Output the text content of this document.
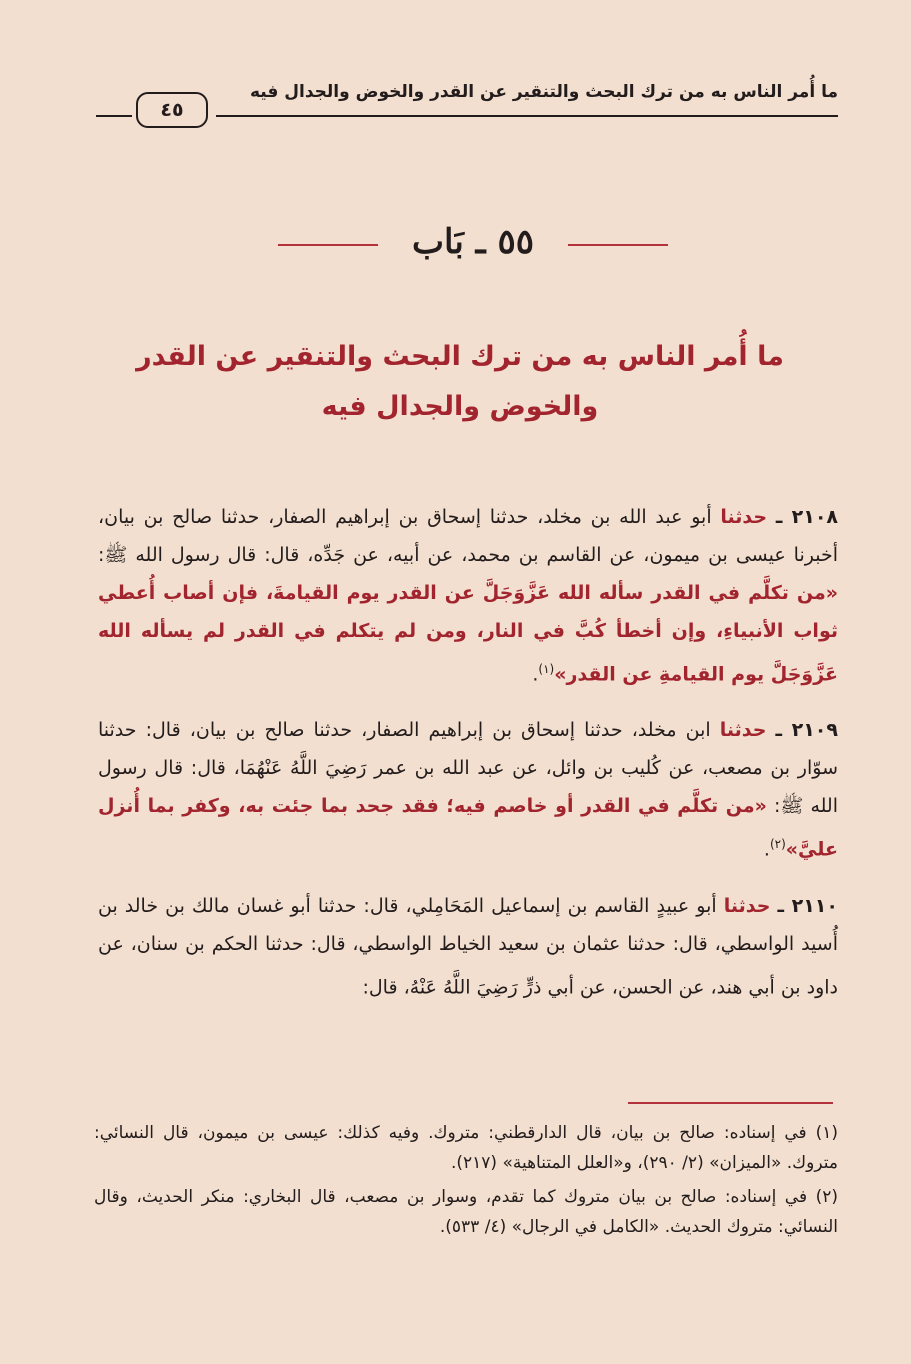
ما أُمر الناس به من ترك البحث والتنقير عن القدر والخوض والجدال فيه
٤٥
٥٥ ـ بَاب
ما أُمر الناس به من ترك البحث والتنقير عن القدر
والخوض والجدال فيه

٢١٠٨ ـ حدثنا أبو عبد الله بن مخلد، حدثنا إسحاق بن إبراهيم الصفار، حدثنا صالح بن بيان، أخبرنا عيسى بن ميمون، عن القاسم بن محمد، عن أبيه، عن جَدِّه، قال: قال رسول الله ﷺ: «من تكلَّم في القدر سأله الله عَزَّوَجَلَّ عن القدر يوم القيامةَ، فإن أصاب أُعطي ثواب الأنبياءِ، وإن أخطأ كُبَّ في النار، ومن لم يتكلم في القدر لم يسأله الله عَزَّوَجَلَّ يوم القيامةِ عن القدر»$^{(١)}$.

٢١٠٩ ـ حدثنا ابن مخلد، حدثنا إسحاق بن إبراهيم الصفار، حدثنا صالح بن بيان، قال: حدثنا سوّار بن مصعب، عن كُليب بن وائل، عن عبد الله بن عمر رَضِيَ اللَّهُ عَنْهُمَا، قال: قال رسول الله ﷺ: «من تكلَّم في القدر أو خاصم فيه؛ فقد جحد بما جئت به، وكفر بما أُنزل عليَّ»$^{(٢)}$.

٢١١٠ ـ حدثنا أبو عبيدٍ القاسم بن إسماعيل المَحَامِلي، قال: حدثنا أبو غسان مالك بن خالد بن أُسيد الواسطي، قال: حدثنا عثمان بن سعيد الخياط الواسطي، قال: حدثنا الحكم بن سنان، عن داود بن أبي هند، عن الحسن، عن أبي ذرٍّ رَضِيَ اللَّهُ عَنْهُ، قال:

(١) في إسناده: صالح بن بيان، قال الدارقطني: متروك. وفيه كذلك: عيسى بن ميمون، قال النسائي: متروك. «الميزان» (٢/ ٢٩٠)، و«العلل المتناهية» (٢١٧).

(٢) في إسناده: صالح بن بيان متروك كما تقدم، وسوار بن مصعب، قال البخاري: منكر الحديث، وقال النسائي: متروك الحديث. «الكامل في الرجال» (٤/ ٥٣٣).
